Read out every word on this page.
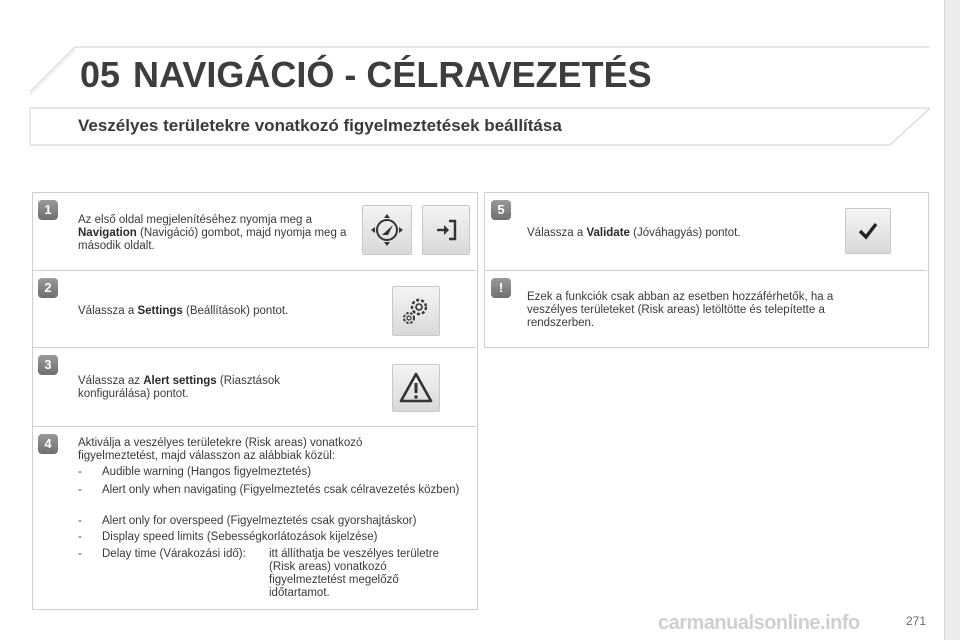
05 NAVIGÁCIÓ - CÉLRAVEZETÉS
Veszélyes területekre vonatkozó figyelmeztetések beállítása
1
Az első oldal megjelenítéséhez nyomja meg a Navigation (Navigáció) gombot, majd nyomja meg a második oldalt.
2
Válassza a Settings (Beállítások) pontot.
3
Válassza az Alert settings (Riasztások konfigurálása) pontot.
4	Aktiválja a veszélyes területekre (Risk areas) vonatkozó figyelmeztetést, majd válasszon az alábbiak közül:
- Audible warning (Hangos figyelmeztetés)
- Alert only when navigating (Figyelmeztetés csak célravezetés közben)
- Alert only for overspeed (Figyelmeztetés csak gyorshajtáskor)
- Display speed limits (Sebességkorlátozások kijelzése)
- Delay time (Várakozási idő):	itt állíthatja be veszélyes területre (Risk areas) vonatkozó figyelmeztetést megelőző időtartamot.
5
Válassza a Validate (Jóváhagyás) pontot.
!
Ezek a funkciók csak abban az esetben hozzáférhetők, ha a veszélyes területeket (Risk areas) letöltötte és telepítette a rendszerben.
carmanualsonline.info	271
